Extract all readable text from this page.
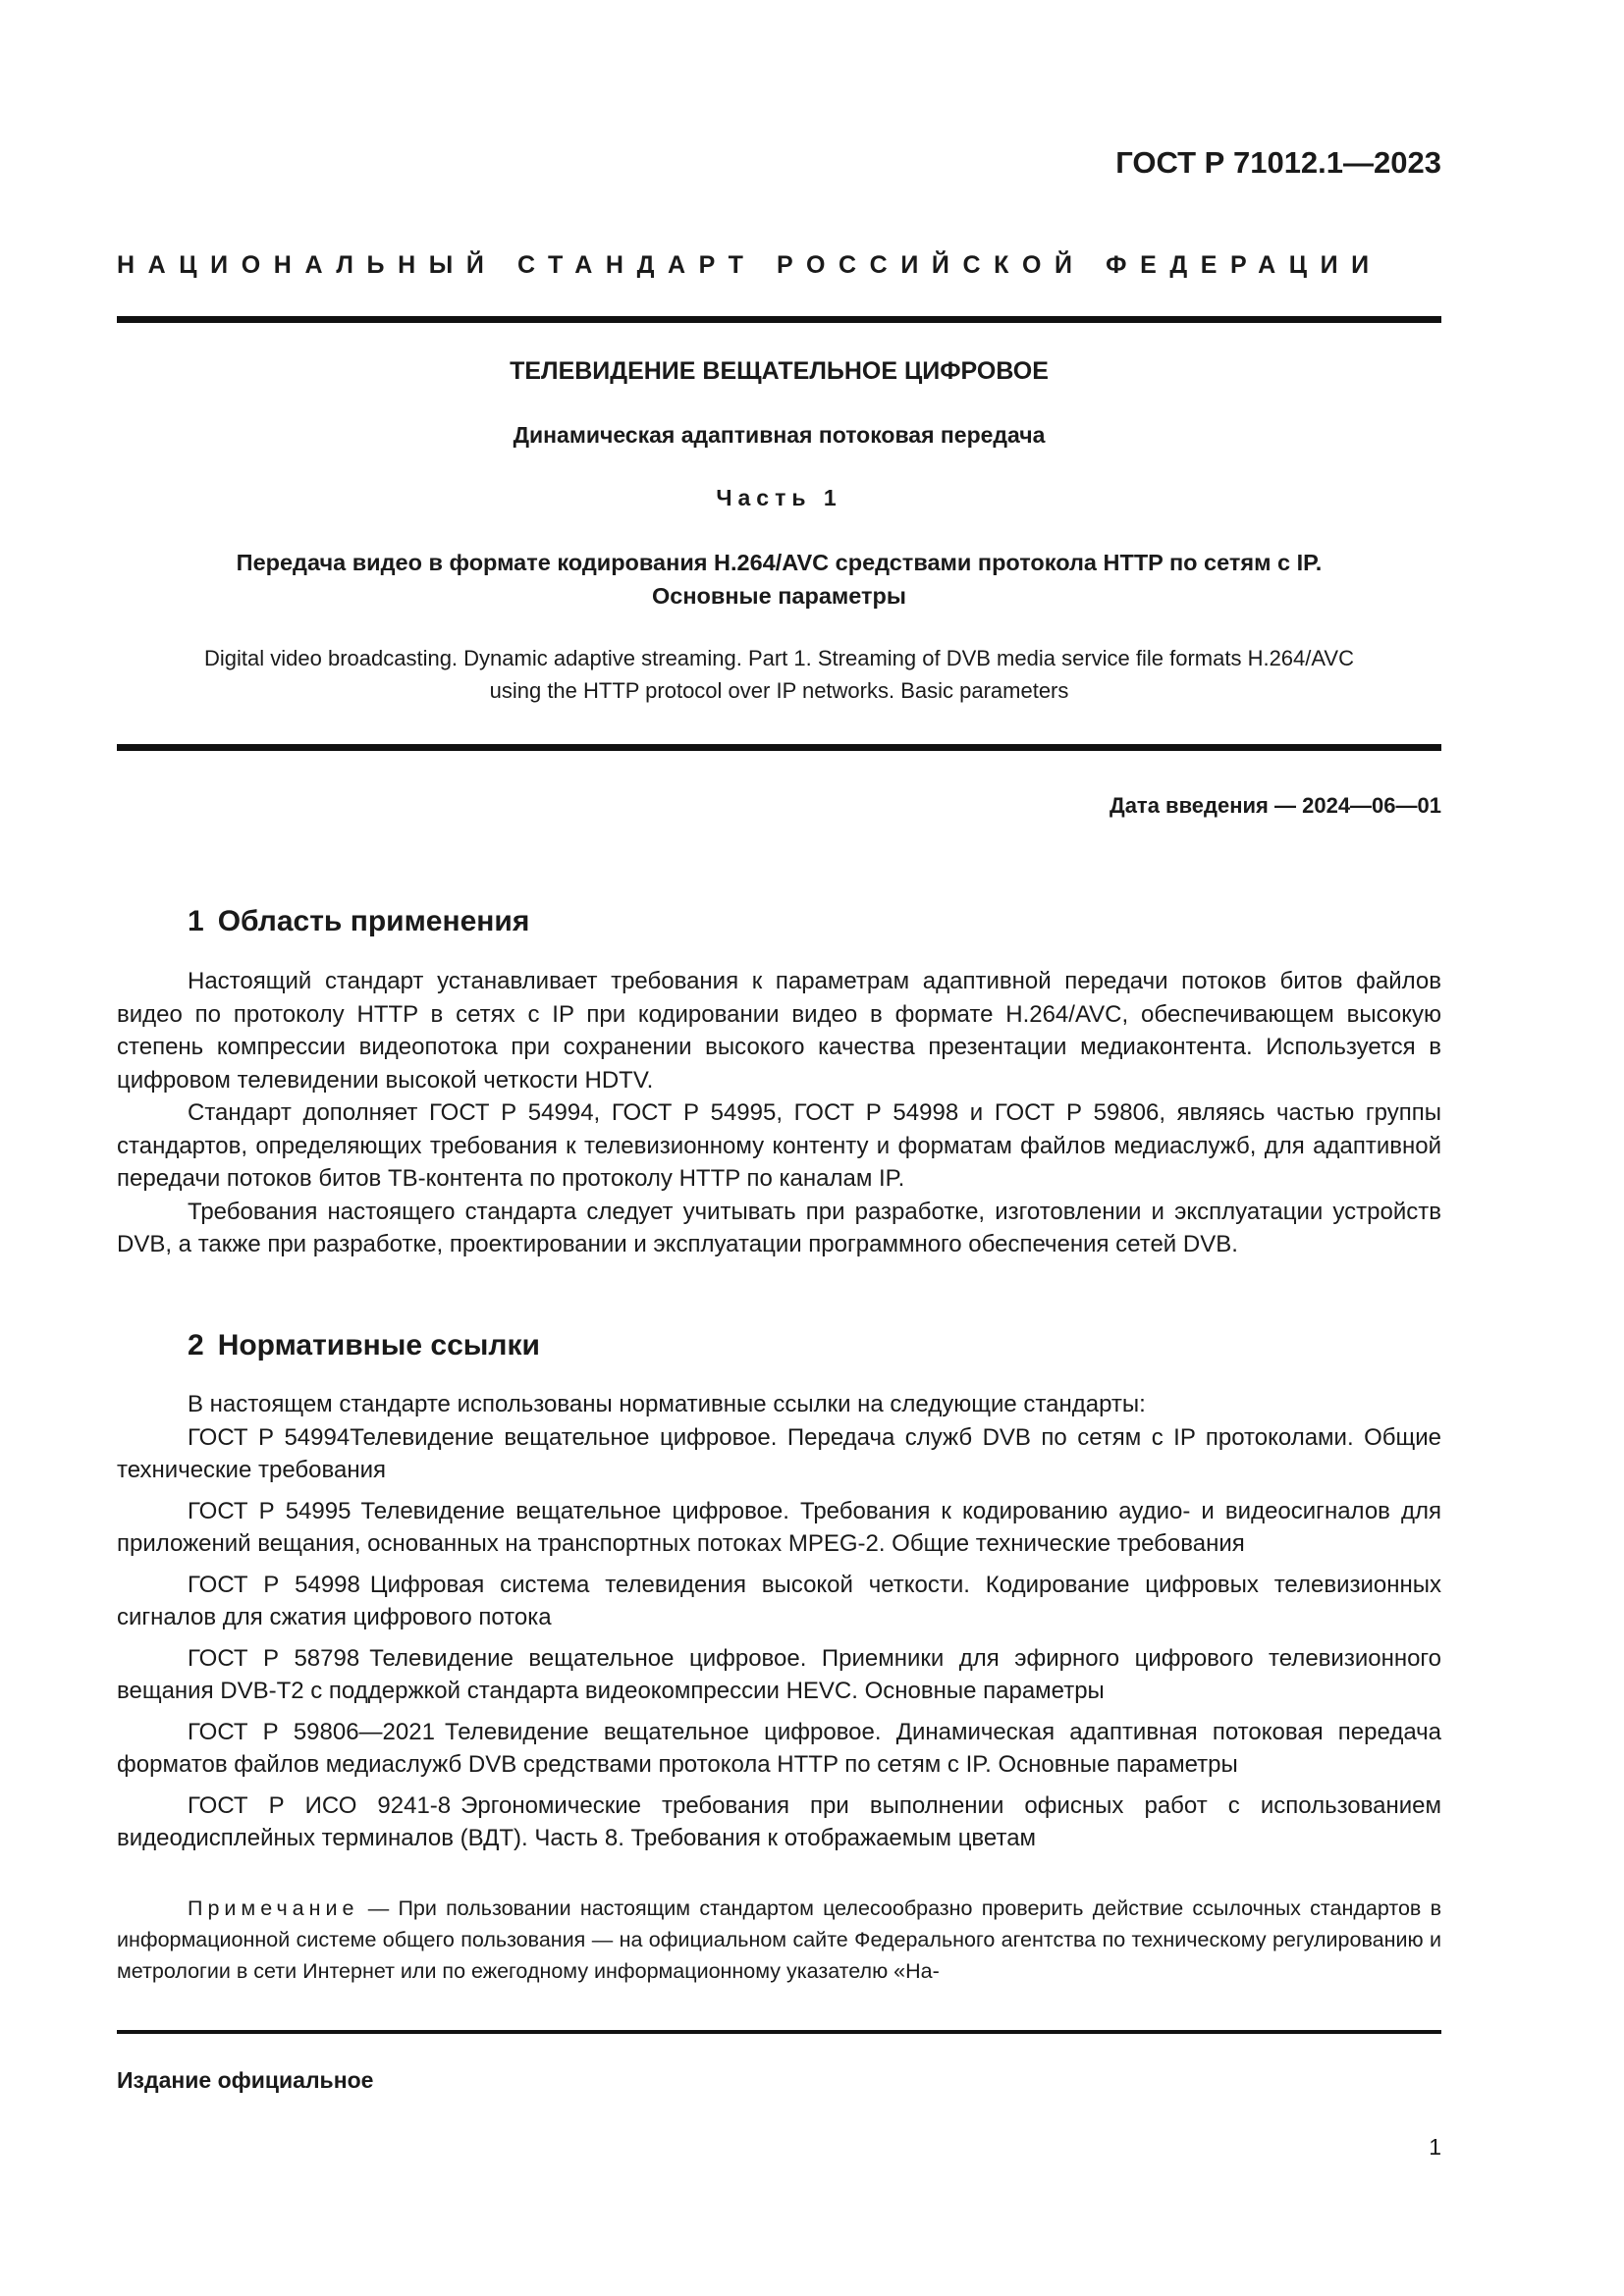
ГОСТ Р 71012.1—2023
НАЦИОНАЛЬНЫЙ СТАНДАРТ РОССИЙСКОЙ ФЕДЕРАЦИИ
ТЕЛЕВИДЕНИЕ ВЕЩАТЕЛЬНОЕ ЦИФРОВОЕ
Динамическая адаптивная потоковая передача
Часть 1
Передача видео в формате кодирования H.264/AVC средствами протокола HTTP по сетям с IP.
Основные параметры
Digital video broadcasting. Dynamic adaptive streaming. Part 1. Streaming of DVB media service file formats H.264/AVC
using the HTTP protocol over IP networks. Basic parameters
Дата введения — 2024—06—01
1 Область применения

Настоящий стандарт устанавливает требования к параметрам адаптивной передачи потоков битов файлов видео по протоколу HTTP в сетях с IP при кодировании видео в формате H.264/AVC, обеспечивающем высокую степень компрессии видеопотока при сохранении высокого качества презентации медиаконтента. Используется в цифровом телевидении высокой четкости HDTV.

Стандарт дополняет ГОСТ Р 54994, ГОСТ Р 54995, ГОСТ Р 54998 и ГОСТ Р 59806, являясь частью группы стандартов, определяющих требования к телевизионному контенту и форматам файлов медиаслужб, для адаптивной передачи потоков битов ТВ-контента по протоколу HTTP по каналам IP.

Требования настоящего стандарта следует учитывать при разработке, изготовлении и эксплуатации устройств DVB, а также при разработке, проектировании и эксплуатации программного обеспечения сетей DVB.

2 Нормативные ссылки

В настоящем стандарте использованы нормативные ссылки на следующие стандарты:

ГОСТ Р 54994Телевидение вещательное цифровое. Передача служб DVB по сетям с IP протоколами. Общие технические требования

ГОСТ Р 54995 Телевидение вещательное цифровое. Требования к кодированию аудио- и видеосигналов для приложений вещания, основанных на транспортных потоках MPEG-2. Общие технические требования

ГОСТ Р 54998 Цифровая система телевидения высокой четкости. Кодирование цифровых телевизионных сигналов для сжатия цифрового потока

ГОСТ Р 58798 Телевидение вещательное цифровое. Приемники для эфирного цифрового телевизионного вещания DVB-T2 с поддержкой стандарта видеокомпрессии HEVC. Основные параметры

ГОСТ Р 59806—2021 Телевидение вещательное цифровое. Динамическая адаптивная потоковая передача форматов файлов медиаслужб DVB средствами протокола HTTP по сетям с IP. Основные параметры

ГОСТ Р ИСО 9241-8 Эргономические требования при выполнении офисных работ с использованием видеодисплейных терминалов (ВДТ). Часть 8. Требования к отображаемым цветам

Примечание — При пользовании настоящим стандартом целесообразно проверить действие ссылочных стандартов в информационной системе общего пользования — на официальном сайте Федерального агентства по техническому регулированию и метрологии в сети Интернет или по ежегодному информационному указателю «На-

Издание официальное
1
